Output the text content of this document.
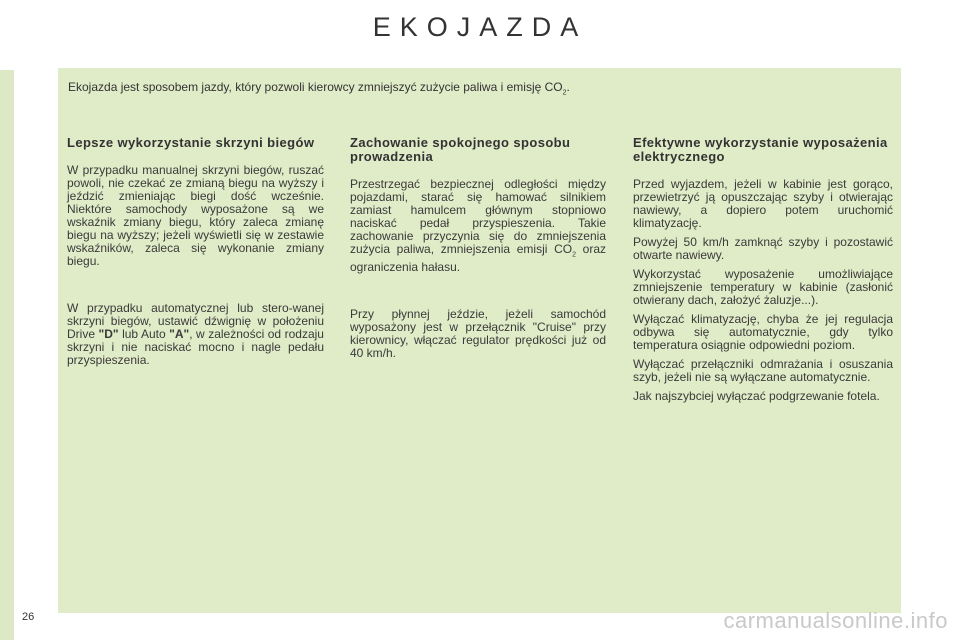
EKOJAZDA
Ekojazda jest sposobem jazdy, który pozwoli kierowcy zmniejszyć zużycie paliwa i emisję $CO_2$.
Lepsze wykorzystanie skrzyni biegów

W przypadku manualnej skrzyni biegów, ruszać powoli, nie czekać ze zmianą biegu na wyższy i jeździć zmieniając biegi dość wcześnie. Niektóre samochody wyposażone są we wskaźnik zmiany biegu, który zaleca zmianę biegu na wyższy; jeżeli wyświetli się w zestawie wskaźników, zaleca się wykonanie zmiany biegu.

W przypadku automatycznej lub stero-wanej skrzyni biegów, ustawić dźwignię w położeniu Drive "D" lub Auto "A", w zależności od rodzaju skrzyni i nie naciskać mocno i nagle pedału przyspieszenia.

Zachowanie spokojnego sposobu prowadzenia

Przestrzegać bezpiecznej odległości między pojazdami, starać się hamować silnikiem zamiast hamulcem głównym stopniowo naciskać pedał przyspieszenia. Takie zachowanie przyczynia się do zmniejszenia zużycia paliwa, zmniejszenia emisji $CO_2$ oraz ograniczenia hałasu.

Przy płynnej jeździe, jeżeli samochód wyposażony jest w przełącznik "Cruise" przy kierownicy, włączać regulator prędkości już od 40 km/h.

Efektywne wykorzystanie wyposażenia elektrycznego

Przed wyjazdem, jeżeli w kabinie jest gorąco, przewietrzyć ją opuszczając szyby i otwierając nawiewy, a dopiero potem uruchomić klimatyzację.

Powyżej 50 km/h zamknąć szyby i pozostawić otwarte nawiewy.

Wykorzystać wyposażenie umożliwiające zmniejszenie temperatury w kabinie (zasłonić otwierany dach, założyć żaluzje...).

Wyłączać klimatyzację, chyba że jej regulacja odbywa się automatycznie, gdy tylko temperatura osiągnie odpowiedni poziom.

Wyłączać przełączniki odmrażania i osuszania szyb, jeżeli nie są wyłączane automatycznie.

Jak najszybciej wyłączać podgrzewanie fotela.

26	carmanualsonline.info
